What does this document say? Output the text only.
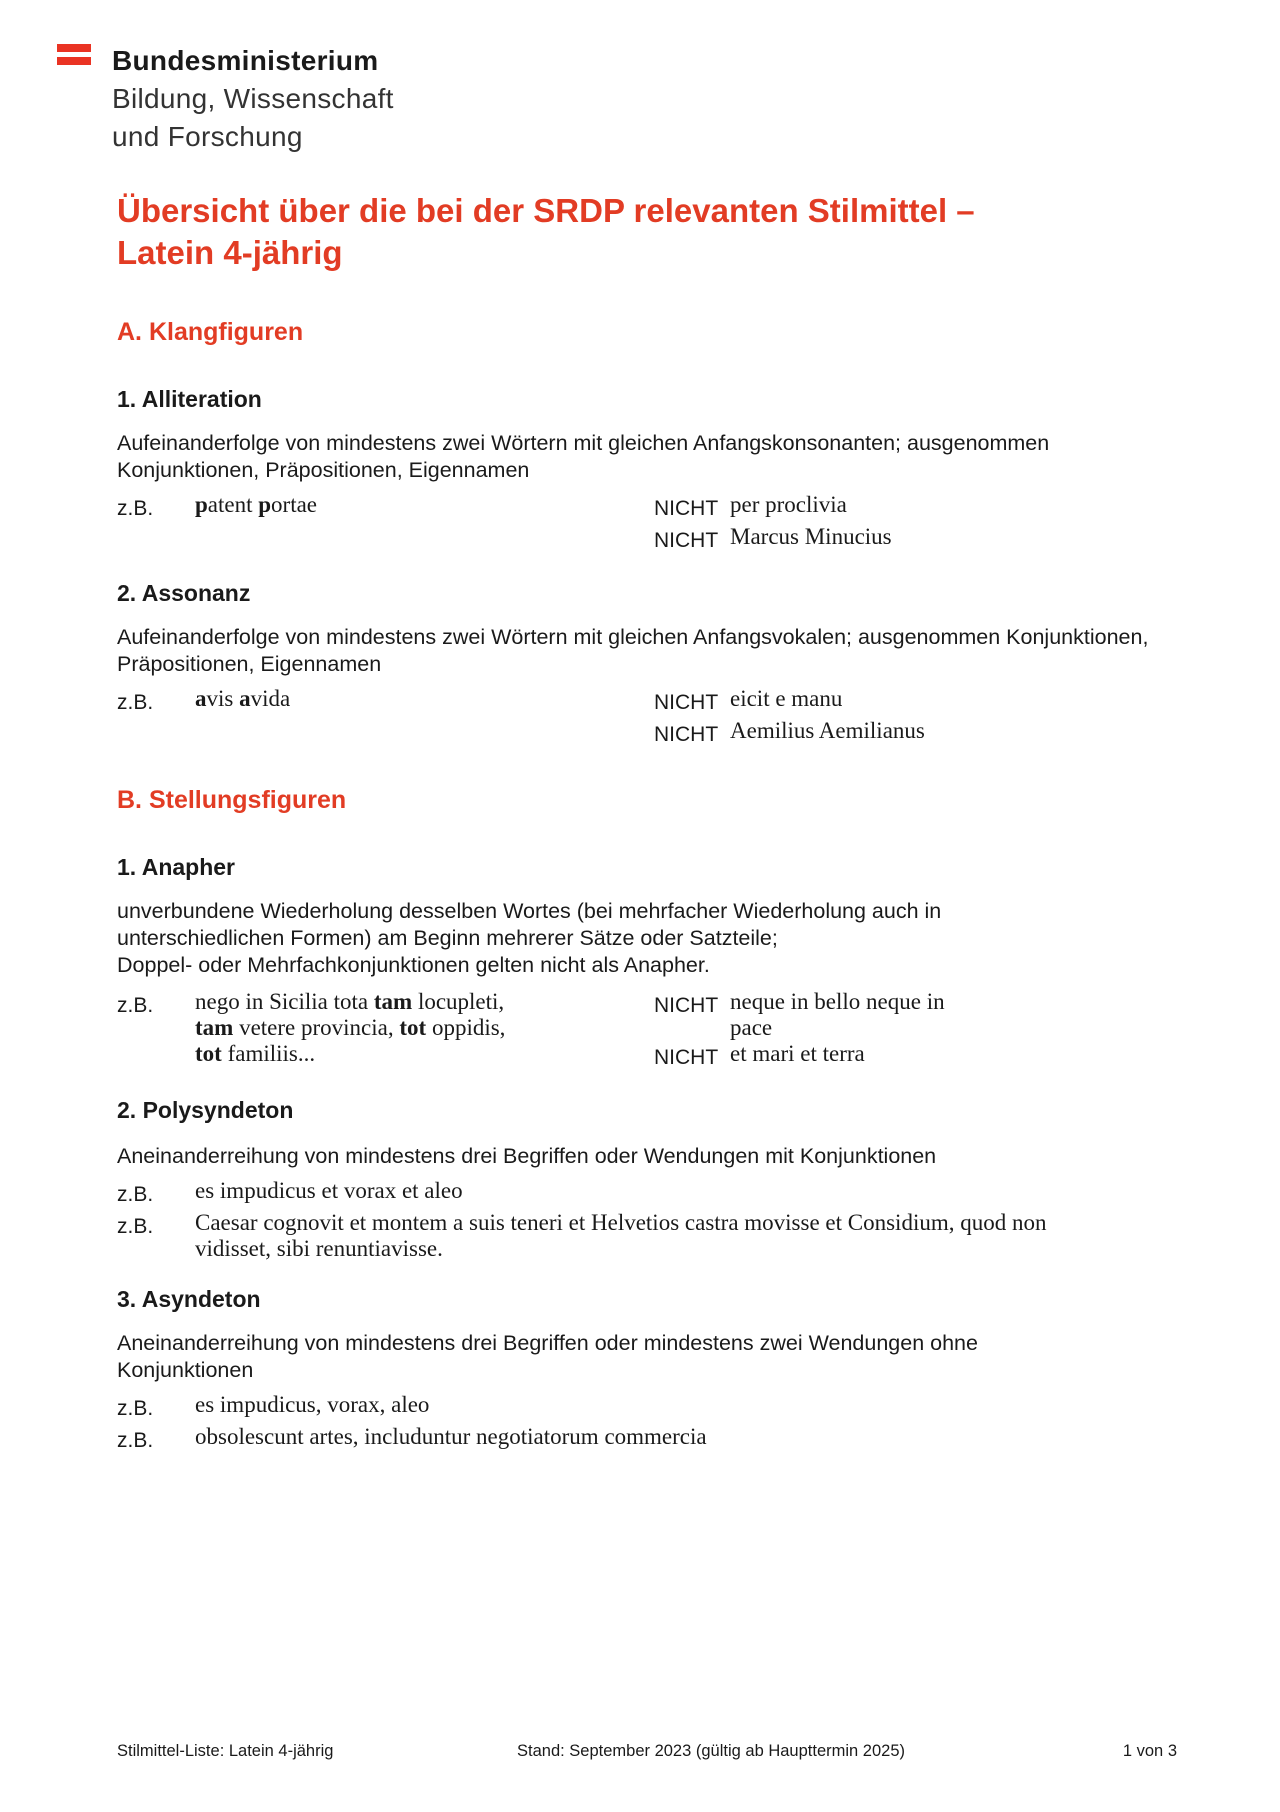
Bundesministerium
Bildung, Wissenschaft
und Forschung
Übersicht über die bei der SRDP relevanten Stilmittel –
Latein 4-jährig
A. Klangfiguren
1. Alliteration
Aufeinanderfolge von mindestens zwei Wörtern mit gleichen Anfangskonsonanten; ausgenommen Konjunktionen, Präpositionen, Eigennamen
z.B. patent portae	NICHT per proclivia
NICHT Marcus Minucius
2. Assonanz
Aufeinanderfolge von mindestens zwei Wörtern mit gleichen Anfangsvokalen; ausgenommen Konjunktionen, Präpositionen, Eigennamen
z.B. avis avida	NICHT eicit e manu
NICHT Aemilius Aemilianus
B. Stellungsfiguren
1. Anapher
unverbundene Wiederholung desselben Wortes (bei mehrfacher Wiederholung auch in
unterschiedlichen Formen) am Beginn mehrerer Sätze oder Satzteile;
Doppel- oder Mehrfachkonjunktionen gelten nicht als Anapher.
z.B. nego in Sicilia tota tam locupleti,
tam vetere provincia, tot oppidis,
tot familiis...
NICHT neque in bello neque in
pace
NICHT et mari et terra
2. Polysyndeton
Aneinanderreihung von mindestens drei Begriffen oder Wendungen mit Konjunktionen
z.B. es impudicus et vorax et aleo
z.B. Caesar cognovit et montem a suis teneri et Helvetios castra movisse et Considium, quod non
vidisset, sibi renuntiavisse.
3. Asyndeton
Aneinanderreihung von mindestens drei Begriffen oder mindestens zwei Wendungen ohne
Konjunktionen
z.B. es impudicus, vorax, aleo
z.B. obsolescunt artes, includuntur negotiatorum commercia
Stilmittel-Liste: Latein 4-jährig	Stand: September 2023 (gültig ab Haupttermin 2025)	1 von 3
